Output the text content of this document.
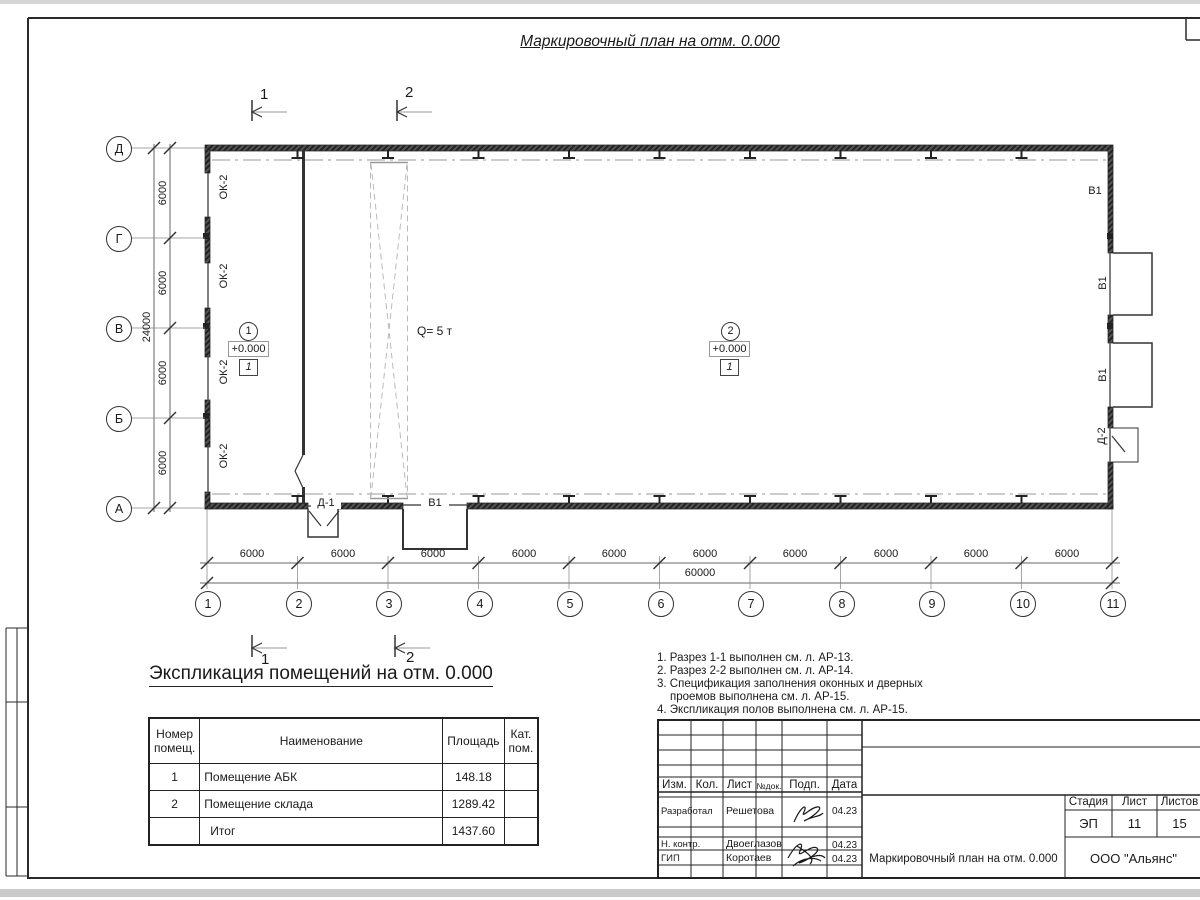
Маркировочный план на отм. 0.000
Экспликация помещений на отм. 0.000
1	2
1	2
Д
Г
В
Б
А
1	2	3	4	5	6	7	8	9	10	11
6000
6000
6000
6000
24000
6000	6000	6000	6000	6000	6000	6000	6000	6000	6000
60000
ОК-2
ОК-2
ОК-2
ОК-2
Д-1	В1
В1
В1
В1
Д-2
Q= 5 т
1
+0.000
1
2
+0.000
1
1. Разрез 1-1 выполнен см. л. АР-13.
2. Разрез 2-2 выполнен см. л. АР-14.
3. Спецификация заполнения оконных и дверных
проемов выполнена см. л. АР-15.
4. Экспликация полов выполнена см. л. АР-15.
Номер помещ.	Наименование	Площадь	Кат. пом.
1	Помещение АБК	148.18	
2	Помещение склада	1289.42	
	Итог	1437.60	
Изм. Кол. Лист №док. Подп.	Дата
Разработал Решетова	04.23
Н. контр. Двоеглазов	04.23
ГИП	Коротаев	04.23
Стадия	Лист	Листов
ЭП	11	15
Маркировочный план на отм. 0.000	ООО "Альянс"
